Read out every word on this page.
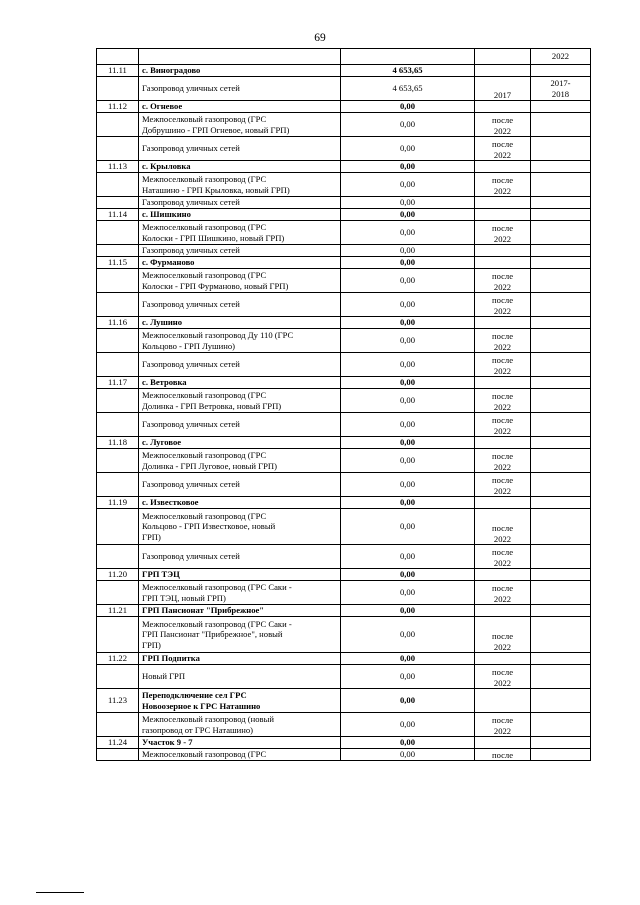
69
				2022
11.11	с. Виноградово	4 653,65		
	Газопровод уличных сетей	4 653,65	2017	2017-
2018
11.12	с. Огневое	0,00		
	Межпоселковый газопровод (ГРС
Добрушино - ГРП Огневое, новый ГРП)	0,00	после
2022	
	Газопровод уличных сетей	0,00	после
2022	
11.13	с. Крыловка	0,00		
	Межпоселковый газопровод (ГРС
Наташино - ГРП Крыловка, новый ГРП)	0,00	после
2022	
	Газопровод уличных сетей	0,00		
11.14	с. Шишкино	0,00		
	Межпоселковый газопровод (ГРС
Колоски - ГРП Шишкино, новый ГРП)	0,00	после
2022	
	Газопровод уличных сетей	0,00		
11.15	с. Фурманово	0,00		
	Межпоселковый газопровод (ГРС
Колоски - ГРП Фурманово, новый ГРП)	0,00	после
2022	
	Газопровод уличных сетей	0,00	после
2022	
11.16	с. Лушино	0,00		
	Межпоселковый газопровод Ду 110 (ГРС
Кольцово - ГРП Лушино)	0,00	после
2022	
	Газопровод уличных сетей	0,00	после
2022	
11.17	с. Ветровка	0,00		
	Межпоселковый газопровод (ГРС
Долинка - ГРП Ветровка, новый ГРП)	0,00	после
2022	
	Газопровод уличных сетей	0,00	после
2022	
11.18	с. Луговое	0,00		
	Межпоселковый газопровод (ГРС
Долинка - ГРП Луговое, новый ГРП)	0,00	после
2022	
	Газопровод уличных сетей	0,00	после
2022	
11.19	с. Известковое	0,00		
	Межпоселковый газопровод (ГРС
Кольцово - ГРП Известковое, новый
ГРП)	0,00	после
2022	
	Газопровод уличных сетей	0,00	после
2022	
11.20	ГРП ТЭЦ	0,00		
	Межпоселковый газопровод (ГРС Саки -
ГРП ТЭЦ, новый ГРП)	0,00	после
2022	
11.21	ГРП Пансионат "Прибрежное"	0,00		
	Межпоселковый газопровод (ГРС Саки -
ГРП Пансионат "Прибрежное", новый
ГРП)	0,00	после
2022	
11.22	ГРП Подпитка	0,00		
	Новый ГРП	0,00	после
2022	
11.23	Переподключение сел ГРС
Новоозерное к ГРС Наташино	0,00		
	Межпоселковый газопровод (новый
газопровод от ГРС Наташино)	0,00	после
2022	
11.24	Участок 9 - 7	0,00		
	Межпоселковый газопровод (ГРС	0,00	после	
